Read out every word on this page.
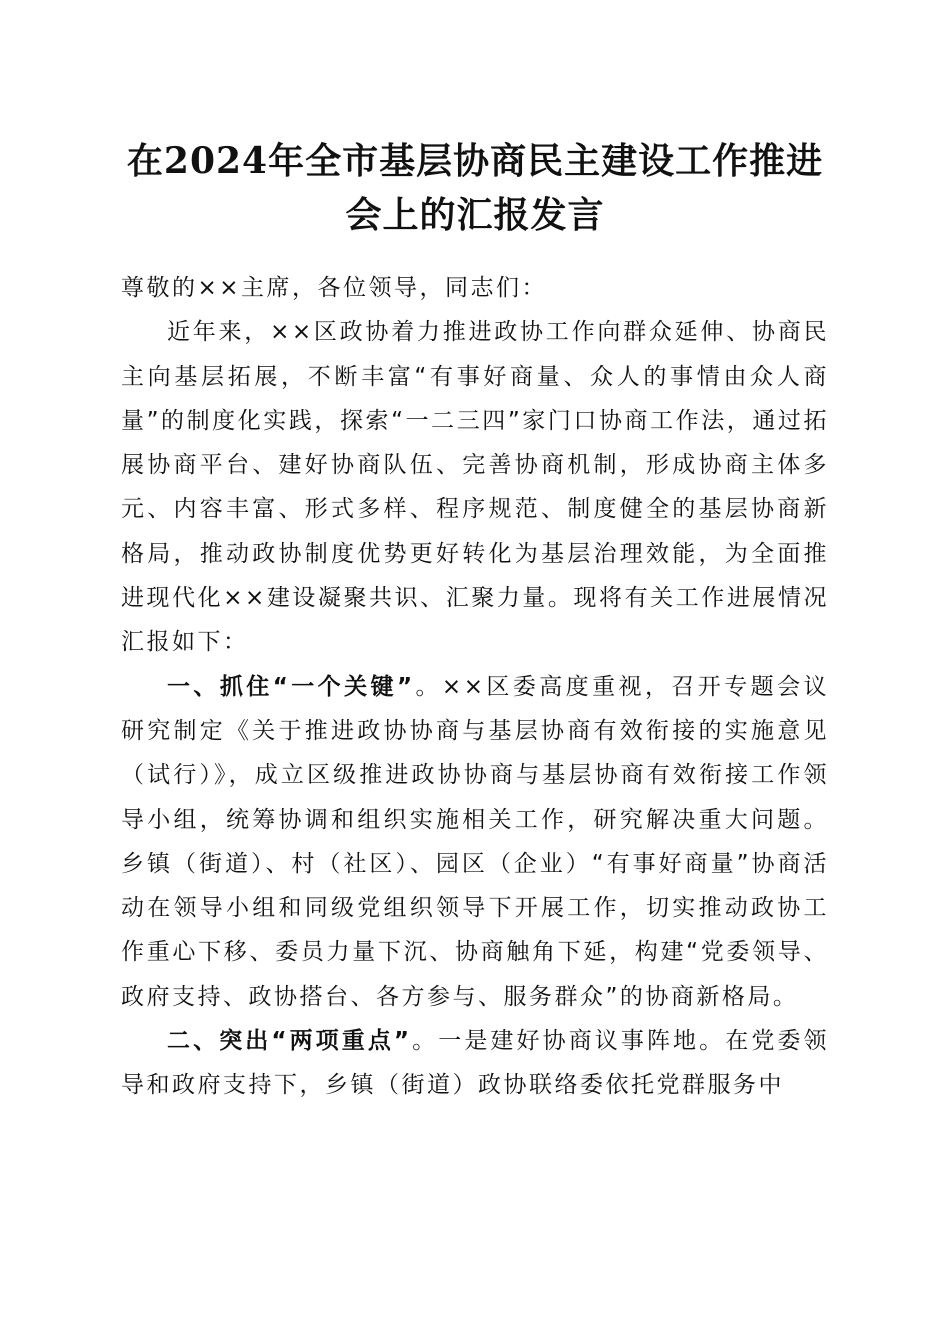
在2024年全市基层协商民主建设工作推进会上的汇报发言

尊敬的××主席，各位领导，同志们：

近年来，××区政协着力推进政协工作向群众延伸、协商民主向基层拓展，不断丰富“有事好商量、众人的事情由众人商量”的制度化实践，探索“一二三四”家门口协商工作法，通过拓展协商平台、建好协商队伍、完善协商机制，形成协商主体多元、内容丰富、形式多样、程序规范、制度健全的基层协商新格局，推动政协制度优势更好转化为基层治理效能，为全面推进现代化××建设凝聚共识、汇聚力量。现将有关工作进展情况汇报如下：

一、抓住“一个关键”。××区委高度重视，召开专题会议研究制定《关于推进政协协商与基层协商有效衔接的实施意见（试行）》，成立区级推进政协协商与基层协商有效衔接工作领导小组，统筹协调和组织实施相关工作，研究解决重大问题。乡镇（街道）、村（社区）、园区（企业）“有事好商量”协商活动在领导小组和同级党组织领导下开展工作，切实推动政协工作重心下移、委员力量下沉、协商触角下延，构建“党委领导、政府支持、政协搭台、各方参与、服务群众”的协商新格局。

二、突出“两项重点”。一是建好协商议事阵地。在党委领导和政府支持下，乡镇（街道）政协联络委依托党群服务中
